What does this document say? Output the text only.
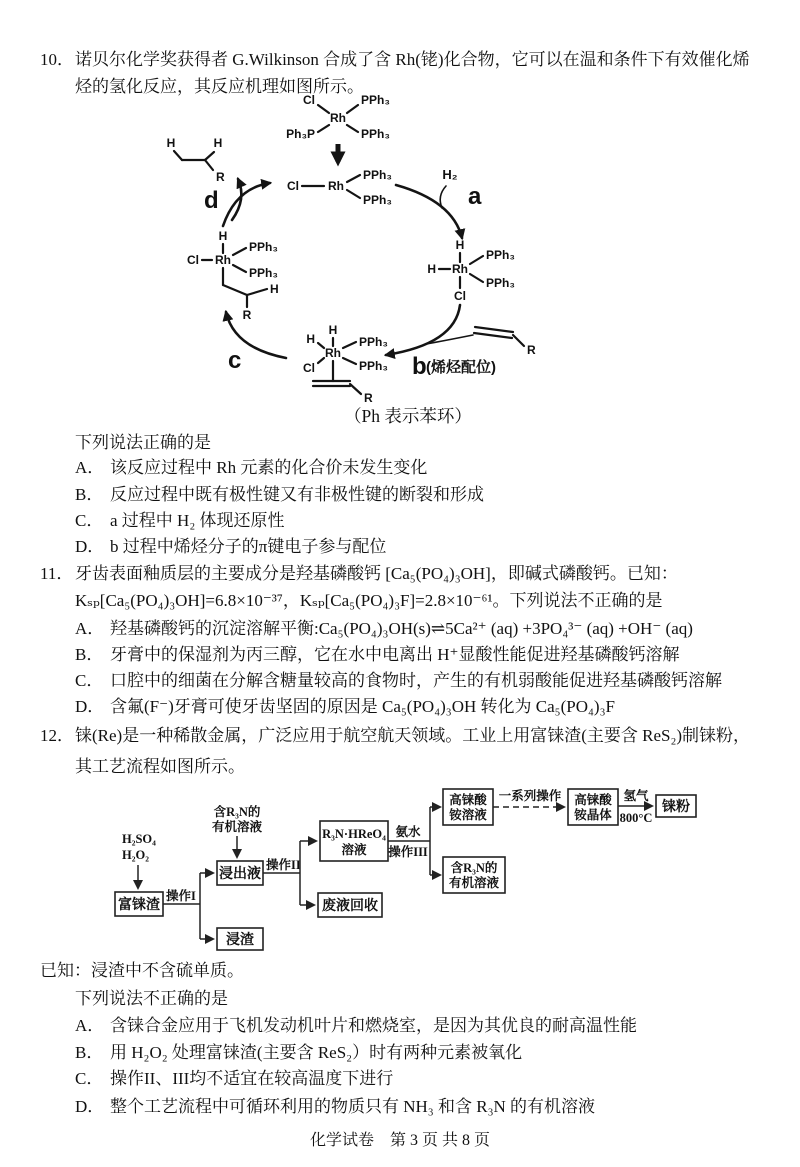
10．诺贝尔化学奖获得者 G.Wilkinson 合成了含 Rh(铑)化合物，它可以在温和条件下有效催化烯
烃的氢化反应，其反应机理如图所示。
Rh
Cl	PPh₃
Ph₃P	PPh₃
Cl Rh
PPh₃
PPh₃
H₂
a
H
H Rh
PPh₃
PPh₃
Cl
R
b (烯烃配位)
H
H
Cl
Rh
PPh₃
PPh₃
R
c
H
Cl Rh
PPh₃
PPh₃
H
R
d
H	H
R
（Ph 表示苯环）
下列说法正确的是
A． 该反应过程中 Rh 元素的化合价未发生变化
B． 反应过程中既有极性键又有非极性键的断裂和形成
C． a 过程中 H₂ 体现还原性
D． b 过程中烯烃分子的π键电子参与配位
11．牙齿表面釉质层的主要成分是羟基磷酸钙 [Ca₅(PO₄)₃OH]，即碱式磷酸钙。已知：
Kₛₚ[Ca₅(PO₄)₃OH]=6.8×10⁻³⁷，Kₛₚ[Ca₅(PO₄)₃F]=2.8×10⁻⁶¹。下列说法不正确的是
A． 羟基磷酸钙的沉淀溶解平衡:Ca₅(PO₄)₃OH(s)⇌5Ca²⁺ (aq) +3PO₄³⁻ (aq) +OH⁻ (aq)
B． 牙膏中的保湿剂为丙三醇，它在水中电离出 H⁺显酸性能促进羟基磷酸钙溶解
C． 口腔中的细菌在分解含糖量较高的食物时，产生的有机弱酸能促进羟基磷酸钙溶解
D． 含氟(F⁻)牙膏可使牙齿坚固的原因是 Ca₅(PO₄)₃OH 转化为 Ca₅(PO₄)₃F
12．铼(Re)是一种稀散金属，广泛应用于航空航天领域。工业上用富铼渣(主要含 ReS₂)制铼粉，
其工艺流程如图所示。
H₂SO₄
H₂O₂
富铼渣
操作I
含R₃N的
有机溶液
浸出液
浸渣
操作II
R₃N·HReO₄
溶液
废液回收
氨水
操作III
高铼酸
铵溶液
含R₃N的
有机溶液
一系列操作 高铼酸
铵晶体
氢气
800°C
铼粉
已知：浸渣中不含硫单质。
下列说法不正确的是
A． 含铼合金应用于飞机发动机叶片和燃烧室，是因为其优良的耐高温性能
B． 用 H₂O₂ 处理富铼渣(主要含 ReS₂）时有两种元素被氧化
C． 操作II、III均不适宜在较高温度下进行
D． 整个工艺流程中可循环利用的物质只有 NH₃ 和含 R₃N 的有机溶液
化学试卷　第 3 页 共 8 页
